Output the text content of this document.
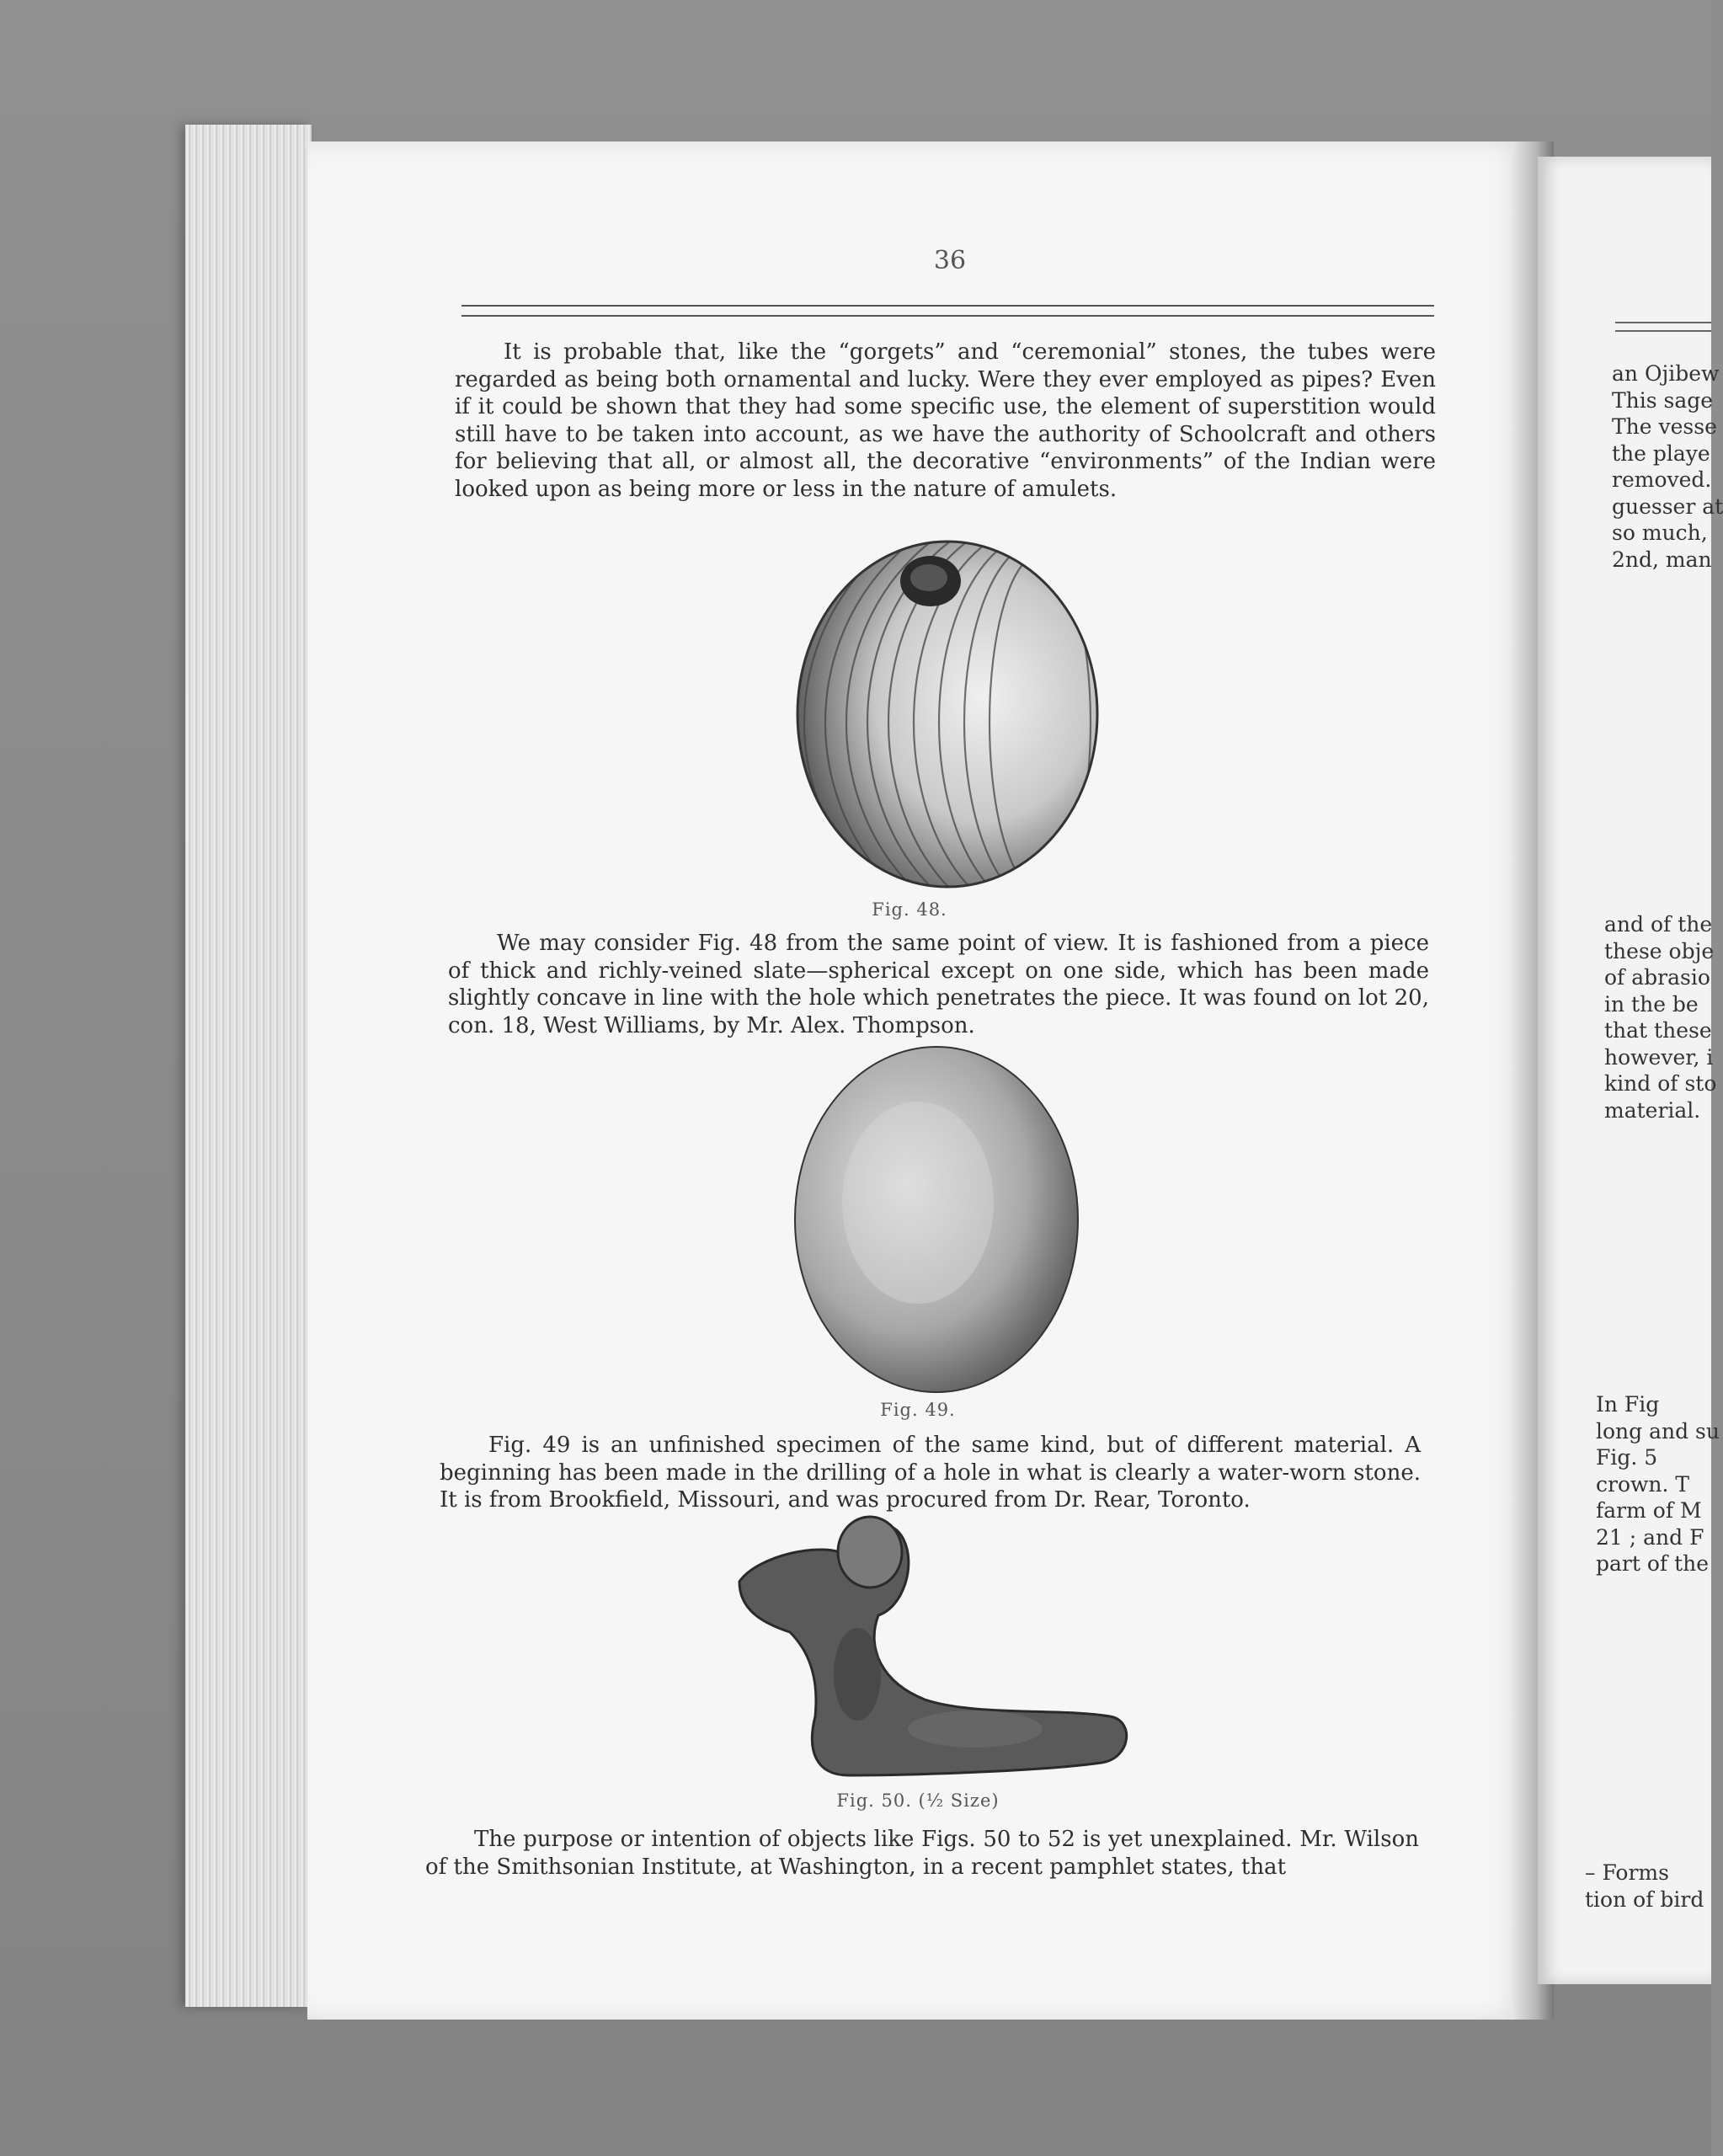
36
It is probable that, like the “gorgets” and “ceremonial” stones, the tubes were regarded as being both ornamental and lucky. Were they ever employed as pipes? Even if it could be shown that they had some specific use, the element of superstition would still have to be taken into account, as we have the authority of Schoolcraft and others for believing that all, or almost all, the decorative “environments” of the Indian were looked upon as being more or less in the nature of amulets.
Fig. 48.
We may consider Fig. 48 from the same point of view. It is fashioned from a piece of thick and richly-veined slate—spherical except on one side, which has been made slightly concave in line with the hole which penetrates the piece. It was found on lot 20, con. 18, West Williams, by Mr. Alex. Thompson.
Fig. 49.
Fig. 49 is an unfinished specimen of the same kind, but of different material. A beginning has been made in the drilling of a hole in what is clearly a water-worn stone. It is from Brookfield, Missouri, and was procured from Dr. Rear, Toronto.
Fig. 50. (½ Size)
The purpose or intention of objects like Figs. 50 to 52 is yet unexplained. Mr. Wilson of the Smithsonian Institute, at Washington, in a recent pamphlet states, that
an Ojibew
This sage
The vesse
the playe
removed.
guesser at
so much,
2nd, man
and of the
these obje
of abrasio
in the be
that these
however, i
kind of sto
material.
In Fig
long and su
Fig. 5
crown. T
farm of M
21 ; and F
part of the
– Forms
tion of bird
